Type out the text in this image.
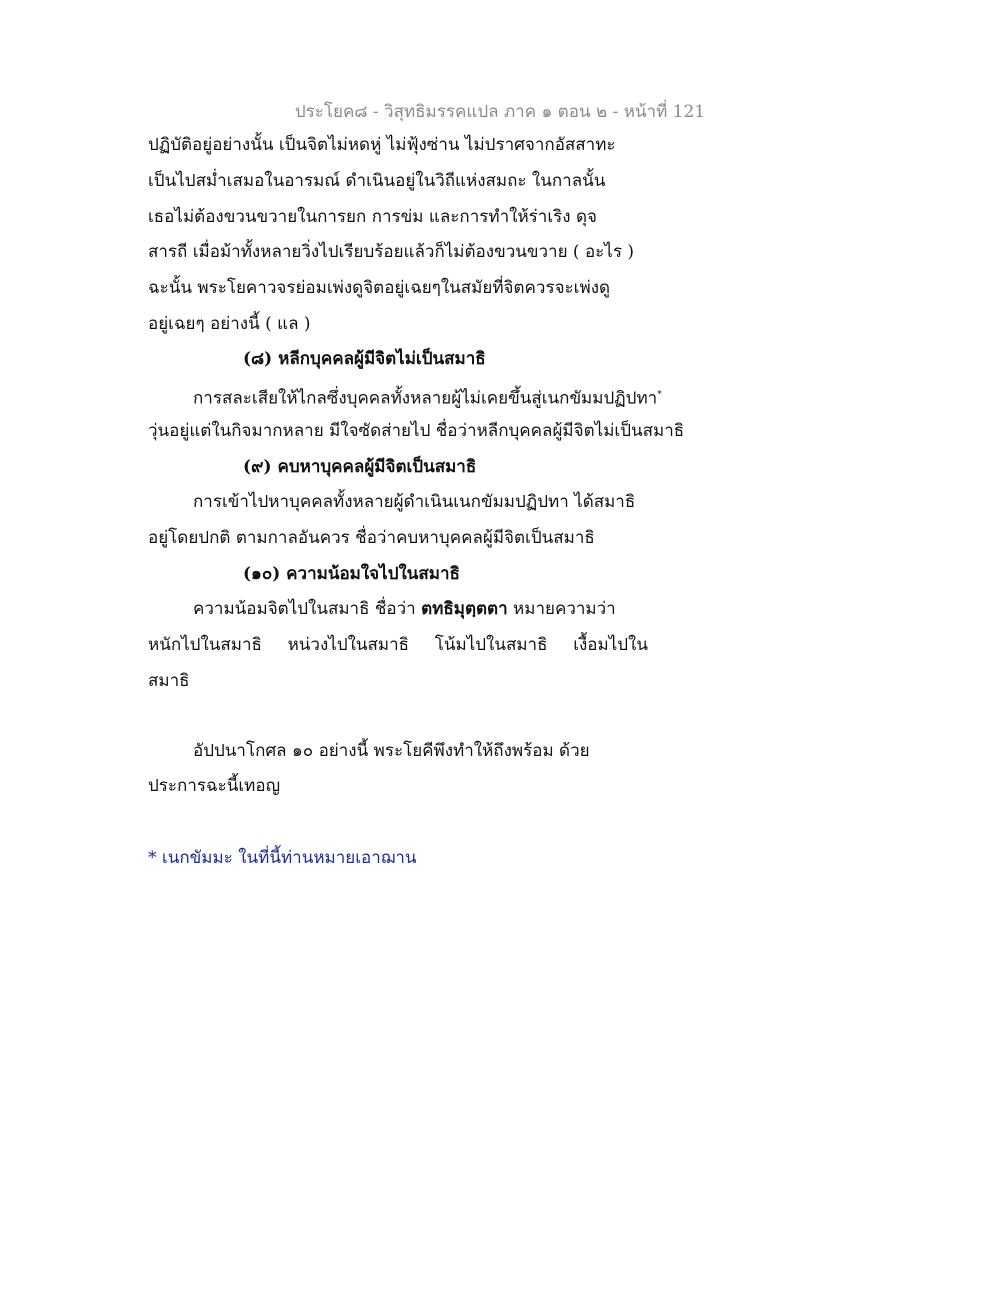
ประโยค๘ - วิสุทธิมรรคแปล ภาค ๑ ตอน ๒ - หน้าที่ 121
ปฏิบัติอยู่อย่างนั้น เป็นจิตไม่หดหู่ ไม่ฟุ้งซ่าน ไม่ปราศจากอัสสาทะ
เป็นไปสม่ำเสมอในอารมณ์ ดำเนินอยู่ในวิถีแห่งสมถะ ในกาลนั้น
เธอไม่ต้องขวนขวายในการยก การข่ม และการทำให้ร่าเริง ดุจ
สารถี เมื่อม้าทั้งหลายวิ่งไปเรียบร้อยแล้วก็ไม่ต้องขวนขวาย ( อะไร )
ฉะนั้น พระโยคาวจรย่อมเพ่งดูจิตอยู่เฉยๆในสมัยที่จิตควรจะเพ่งดู
อยู่เฉยๆ อย่างนี้ ( แล )
(๘) หลีกบุคคลผู้มีจิตไม่เป็นสมาธิ
การสละเสียให้ไกลซึ่งบุคคลทั้งหลายผู้ไม่เคยขึ้นสู่เนกขัมมปฏิปทา*
วุ่นอยู่แต่ในกิจมากหลาย มีใจซัดส่ายไป ชื่อว่าหลีกบุคคลผู้มีจิตไม่เป็นสมาธิ
(๙) คบหาบุคคลผู้มีจิตเป็นสมาธิ
การเข้าไปหาบุคคลทั้งหลายผู้ดำเนินเนกขัมมปฏิปทา ได้สมาธิ
อยู่โดยปกติ ตามกาลอันควร ชื่อว่าคบหาบุคคลผู้มีจิตเป็นสมาธิ
(๑๐) ความน้อมใจไปในสมาธิ
ความน้อมจิตไปในสมาธิ ชื่อว่า ตทธิมุตฺตตา หมายความว่า
หนักไปในสมาธิ หน่วงไปในสมาธิ โน้มไปในสมาธิ เงื้อมไปใน
สมาธิ
อัปปนาโกศล ๑๐ อย่างนี้ พระโยคีพึงทำให้ถึงพร้อม ด้วย
ประการฉะนี้เทอญ
* เนกขัมมะ ในที่นี้ท่านหมายเอาฌาน
